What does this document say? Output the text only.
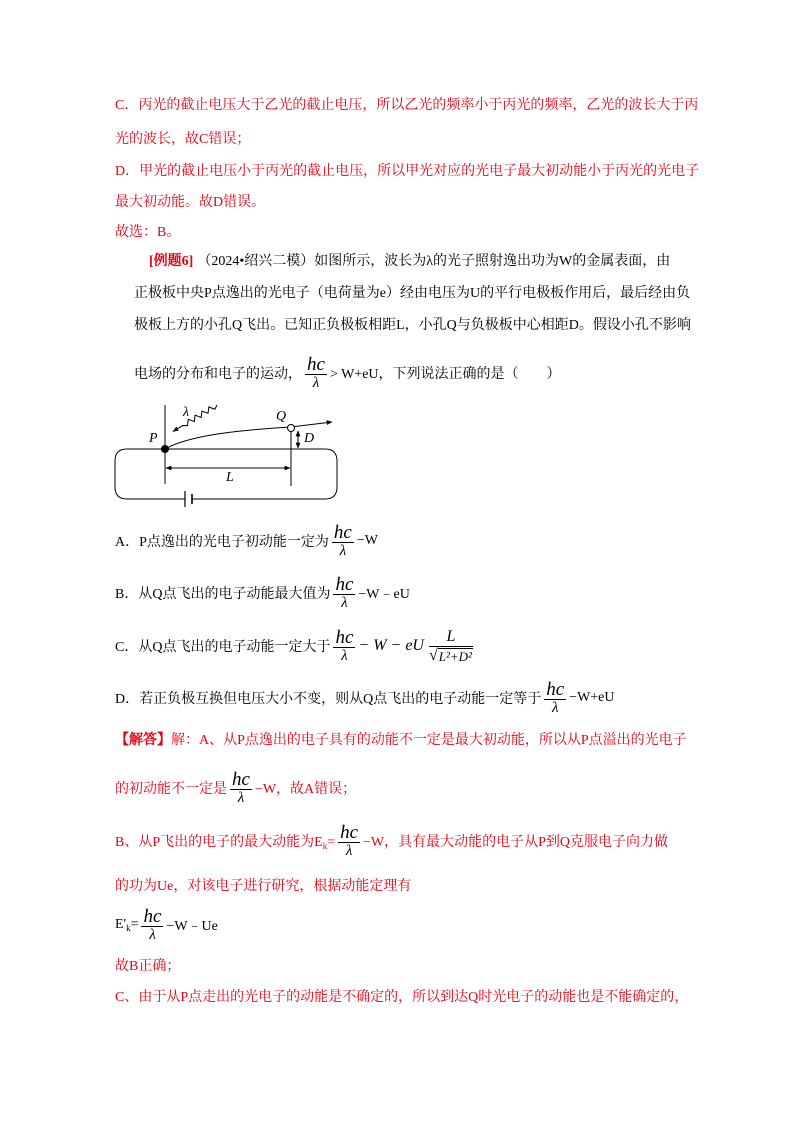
C．丙光的截止电压大于乙光的截止电压，所以乙光的频率小于丙光的频率，乙光的波长大于丙
光的波长，故C错误；
D．甲光的截止电压小于丙光的截止电压，所以甲光对应的光电子最大初动能小于丙光的光电子
最大初动能。故D错误。
故选：B。
[例题6] （2024•绍兴二模）如图所示，波长为λ的光子照射逸出功为W的金属表面，由
正极板中央P点逸出的光电子（电荷量为e）经由电压为U的平行电极板作用后，最后经由负
极板上方的小孔Q飞出。已知正负极板相距L，小孔Q与负极板中心相距D。假设小孔不影响
电场的分布和电子的运动， $\frac{hc}{\lambda} > W+eU$，下列说法正确的是（　　）
λ	Q
P	D
L
A．P点逸出的光电子初动能一定为 $\frac{hc}{\lambda} -W$
B．从Q点飞出的电子动能最大值为 $\frac{hc}{\lambda}$ −W﹣eU
C．从Q点飞出的电子动能一定大于 $\frac{hc}{\lambda} - W$ − eU $\frac{L}{\text{√ L²+D²}}$
D．若正负极互换但电压大小不变，则从Q点飞出的电子动能一定等于 $\frac{hc}{\lambda} -W+eU$
【解答】解：A、从P点逸出的电子具有的动能不一定是最大初动能，所以从P点溢出的光电子
的初动能不一定是 $\frac{hc}{\lambda} -W$，故A错误；
B、从P飞出的电子的最大动能为$E_k= \frac{hc}{\lambda} -W$，具有最大动能的电子从P到Q克服电子向力做
的功为Ue，对该电子进行研究，根据动能定理有
$E'_k= \frac{hc}{\lambda}$ −W﹣Ue
故B正确；
C、由于从P点走出的光电子的动能是不确定的，所以到达Q时光电子的动能也是不能确定的，
